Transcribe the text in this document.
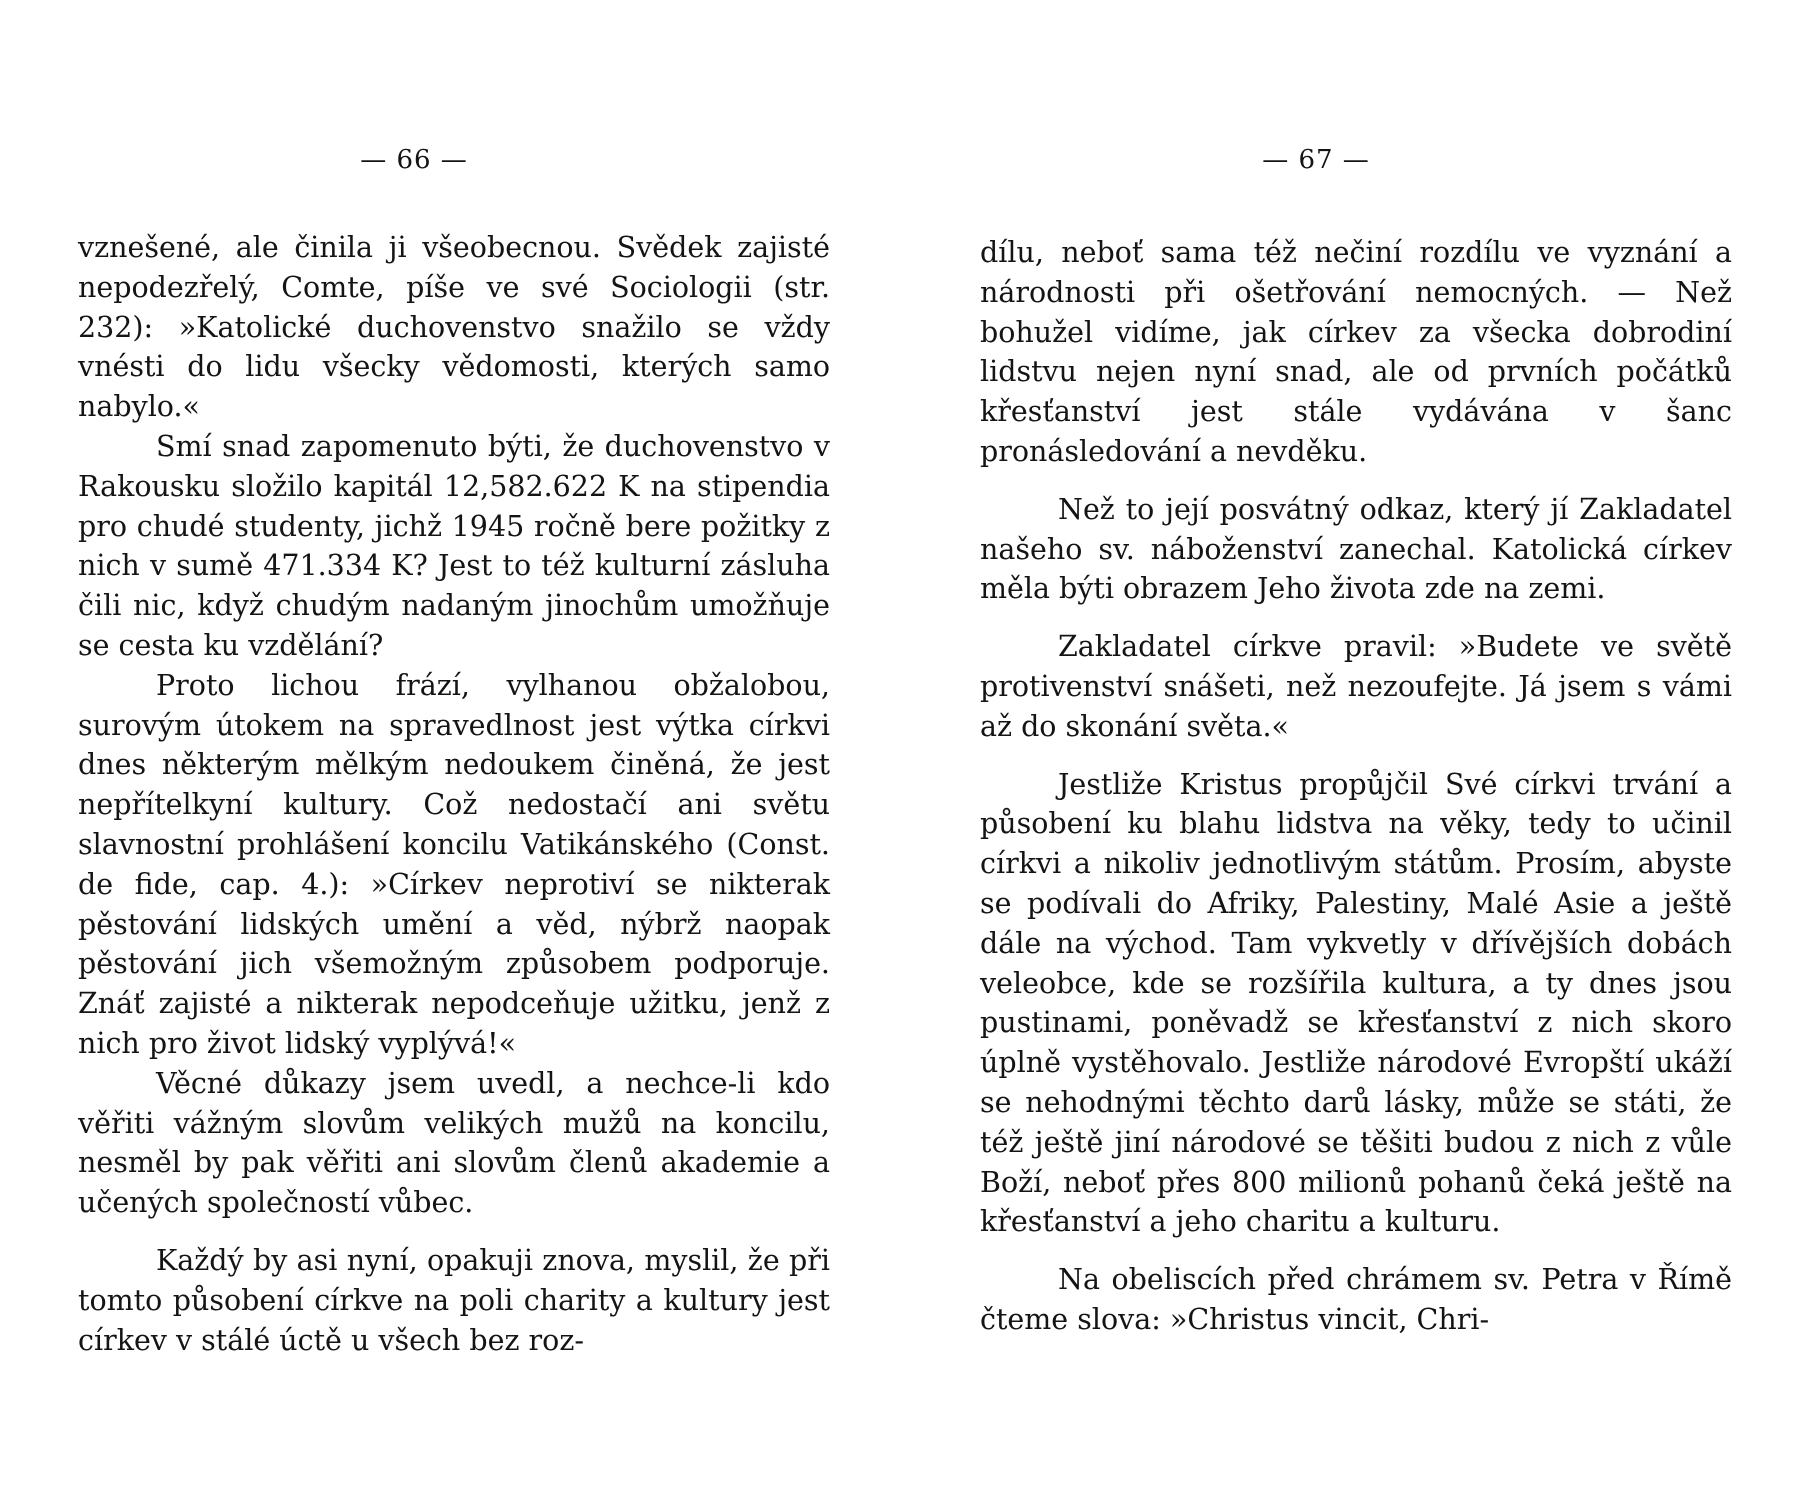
— 66 —

vznešené, ale činila ji všeobecnou. Svědek zajisté nepodezřelý, Comte, píše ve své Sociologii (str. 232): »Katolické duchovenstvo snažilo se vždy vnésti do lidu všecky vědomosti, kterých samo nabylo.«

Smí snad zapomenuto býti, že duchovenstvo v Rakousku složilo kapitál 12,582.622 K na stipendia pro chudé studenty, jichž 1945 ročně bere požitky z nich v sumě 471.334 K? Jest to též kulturní zásluha čili nic, když chudým nadaným jinochům umožňuje se cesta ku vzdělání?

Proto lichou frází, vylhanou obžalobou, surovým útokem na spravedlnost jest výtka církvi dnes některým mělkým nedoukem činěná, že jest nepřítelkyní kultury. Což nedostačí ani světu slavnostní prohlášení koncilu Vatikánského (Const. de fide, cap. 4.): »Církev neprotiví se nikterak pěstování lidských umění a věd, nýbrž naopak pěstování jich všemožným způsobem podporuje. Znáť zajisté a nikterak nepodceňuje užitku, jenž z nich pro život lidský vyplývá!«

Věcné důkazy jsem uvedl, a nechce-li kdo věřiti vážným slovům velikých mužů na koncilu, nesměl by pak věřiti ani slovům členů akademie a učených společností vůbec.

Každý by asi nyní, opakuji znova, myslil, že při tomto působení církve na poli charity a kultury jest církev v stálé úctě u všech bez roz-

— 67 —

dílu, neboť sama též nečiní rozdílu ve vyznání a národnosti při ošetřování nemocných. — Než bohužel vidíme, jak církev za všecka dobrodiní lidstvu nejen nyní snad, ale od prvních počátků křesťanství jest stále vydávána v šanc pronásledování a nevděku.

Než to její posvátný odkaz, který jí Zakladatel našeho sv. náboženství zanechal. Katolická církev měla býti obrazem Jeho života zde na zemi.

Zakladatel církve pravil: »Budete ve světě protivenství snášeti, než nezoufejte. Já jsem s vámi až do skonání světa.«

Jestliže Kristus propůjčil Své církvi trvání a působení ku blahu lidstva na věky, tedy to učinil církvi a nikoliv jednotlivým státům. Prosím, abyste se podívali do Afriky, Palestiny, Malé Asie a ještě dále na východ. Tam vykvetly v dřívějších dobách veleobce, kde se rozšířila kultura, a ty dnes jsou pustinami, poněvadž se křesťanství z nich skoro úplně vystěhovalo. Jestliže národové Evropští ukáží se nehodnými těchto darů lásky, může se státi, že též ještě jiní národové se těšiti budou z nich z vůle Boží, neboť přes 800 milionů pohanů čeká ještě na křesťanství a jeho charitu a kulturu.

Na obeliscích před chrámem sv. Petra v Římě čteme slova: »Christus vincit, Chri-
